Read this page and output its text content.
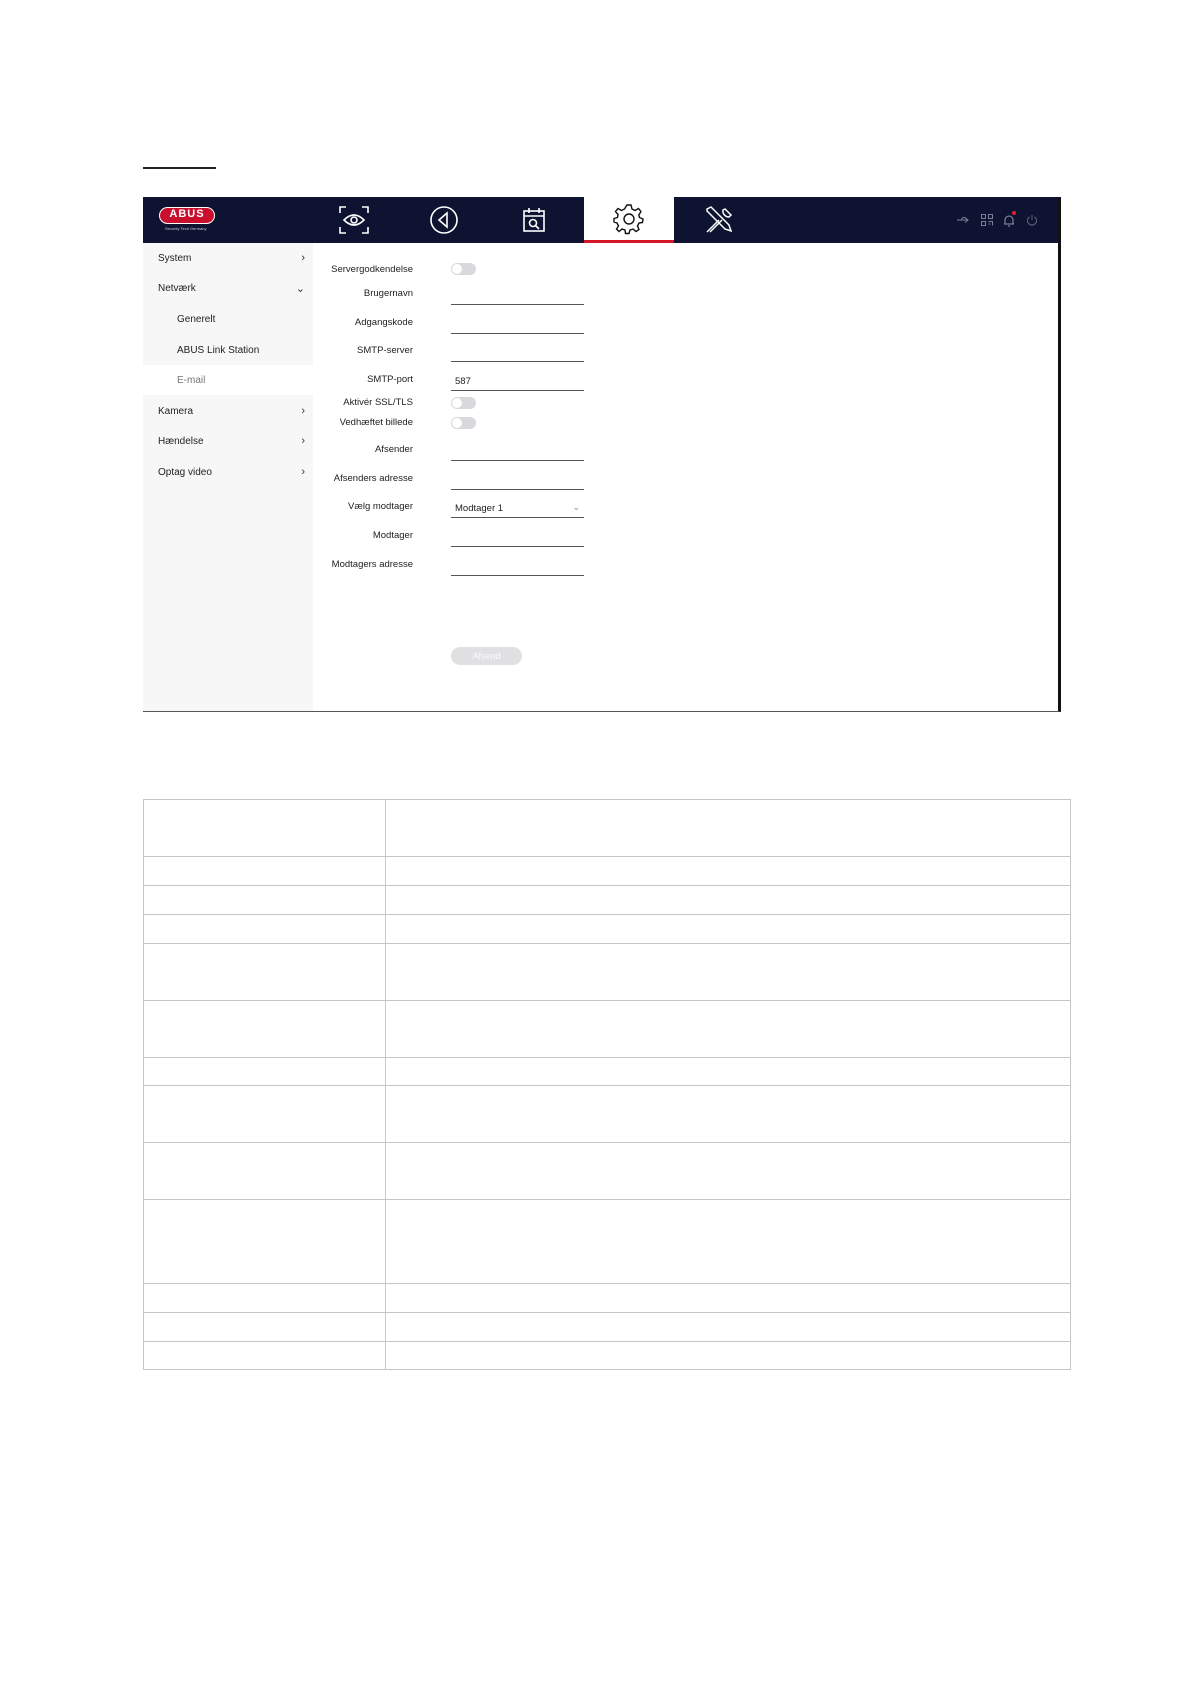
ABUS
Security Tech Germany
System	›
Netværk	⌄
Generelt
ABUS Link Station
E-mail
Kamera	›
Hændelse	›
Optag video	›
Servergodkendelse
Brugernavn
Adgangskode
SMTP-server
SMTP-port	587
Aktivér SSL/TLS
Vedhæftet billede
Afsender
Afsenders adresse
Vælg modtager	Modtager 1	⌄
Modtager
Modtagers adresse
Afsend
